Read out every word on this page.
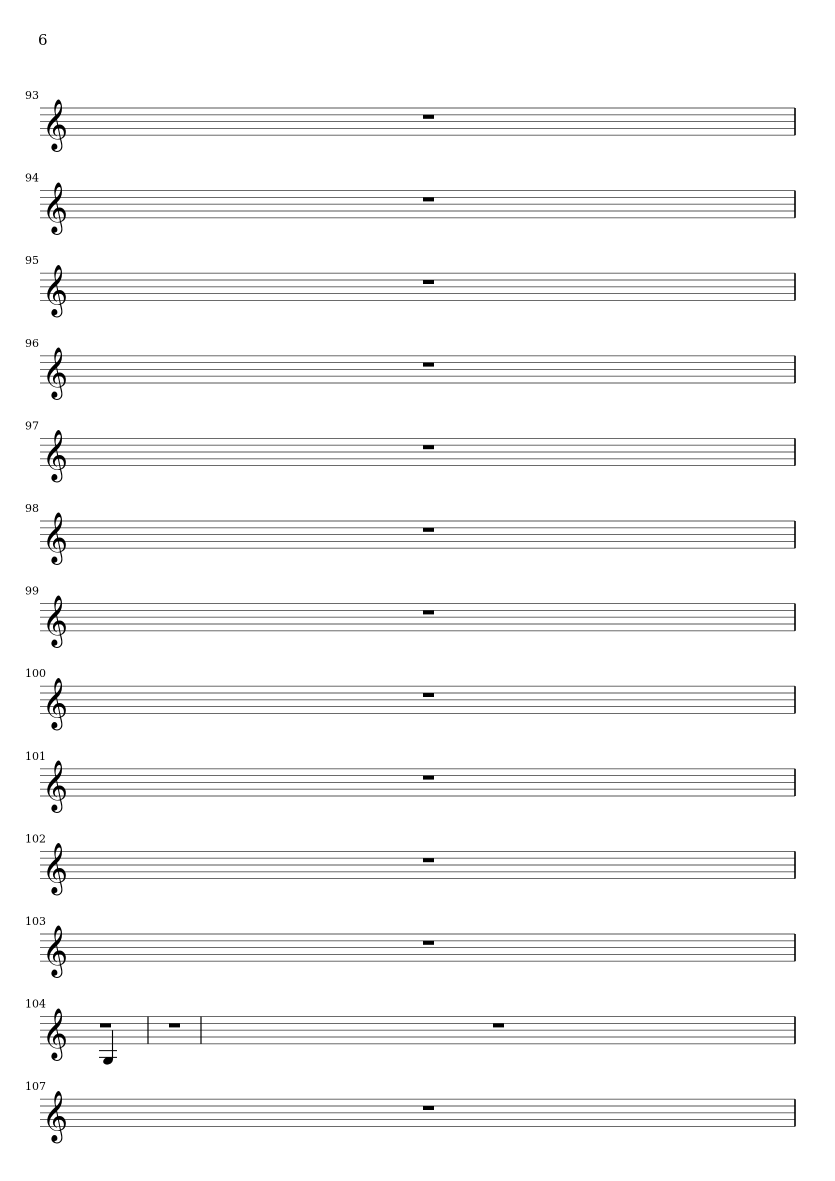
6
𝄞
93
𝄞
94
𝄞
95
𝄞
96
𝄞
97
𝄞
98
𝄞
99
𝄞
100
𝄞
101
𝄞
102
𝄞
103
𝄞
104
𝄞
107
